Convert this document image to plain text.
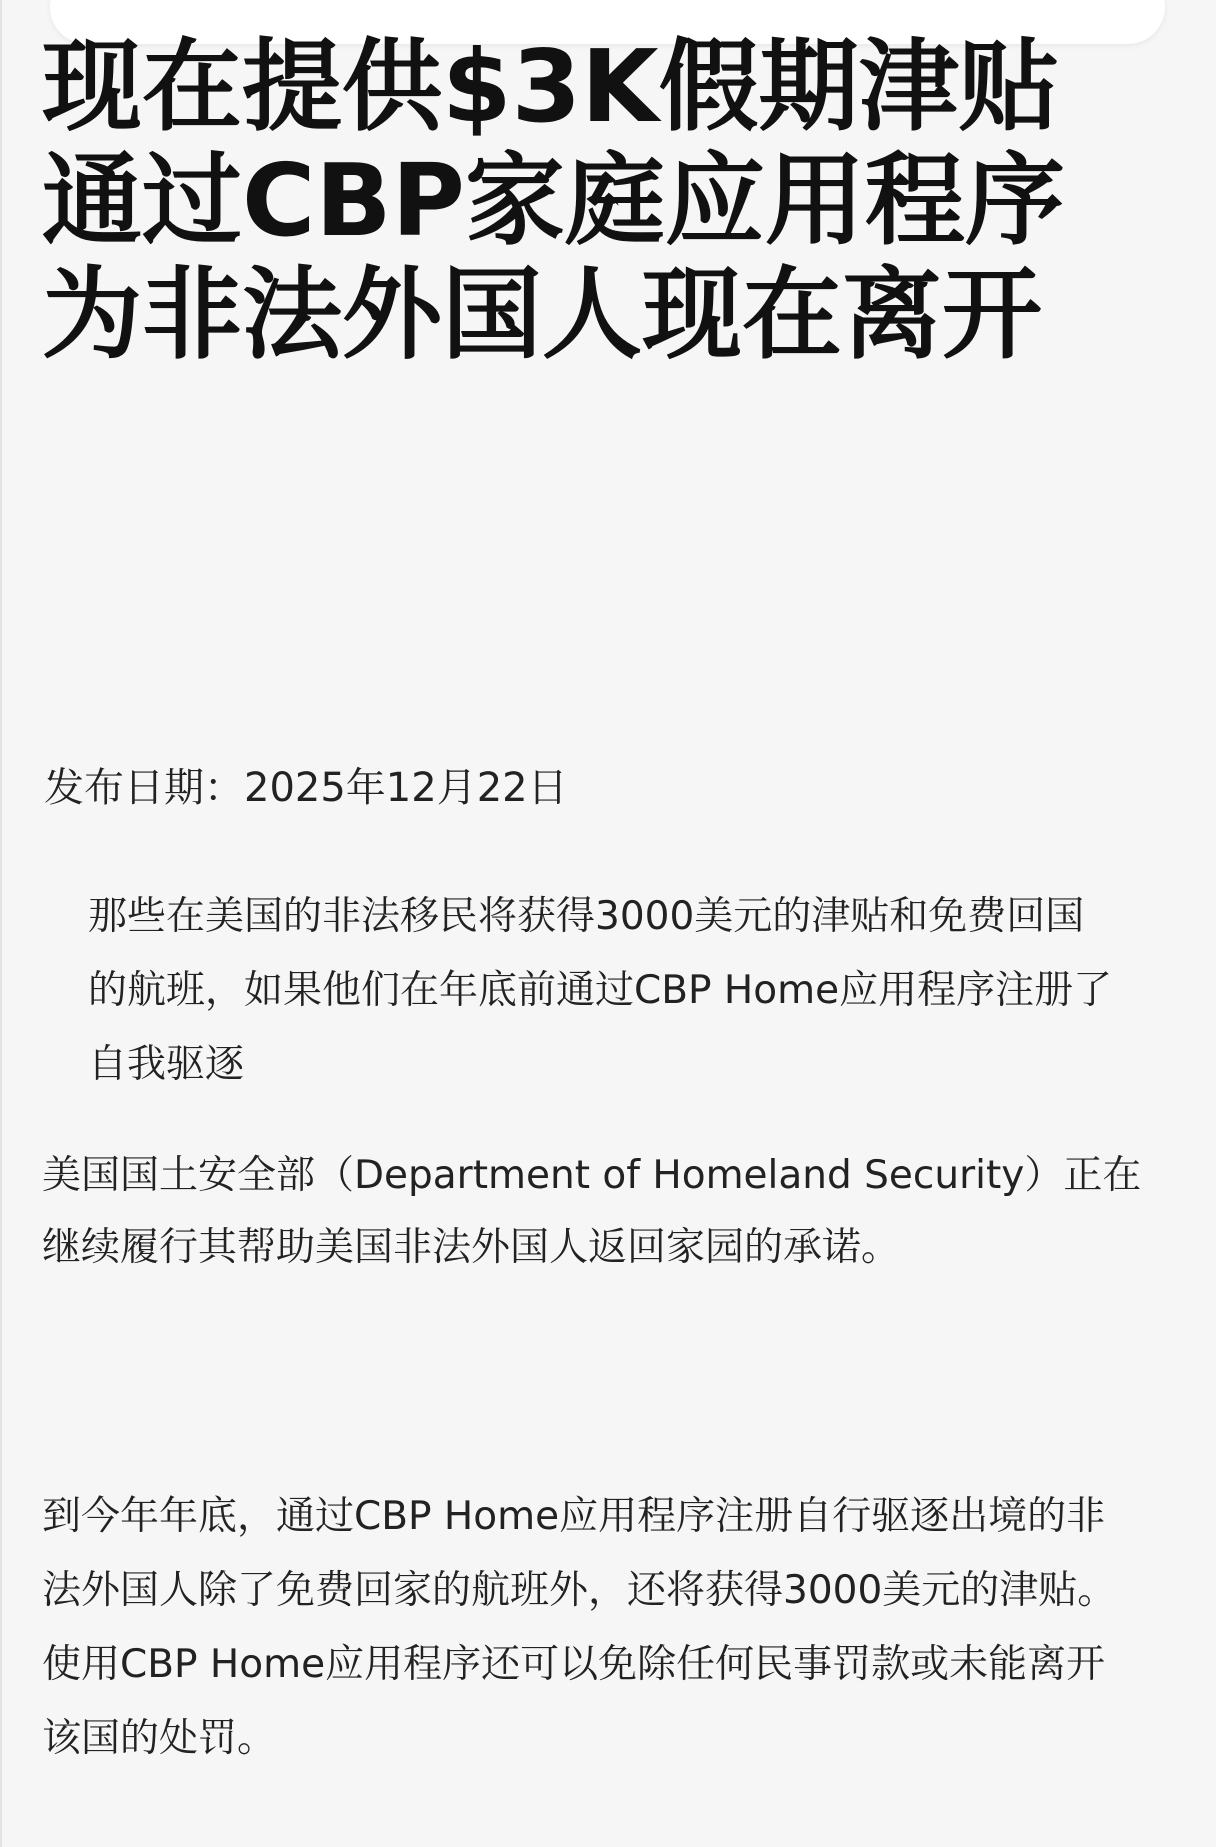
现在提供$3K假期津贴通过CBP家庭应用程序为非法外国人现在离开

发布日期：2025年12月22日

那些在美国的非法移民将获得3000美元的津贴和免费回国的航班，如果他们在年底前通过CBP Home应用程序注册了自我驱逐

美国国土安全部（Department of Homeland Security）正在继续履行其帮助美国非法外国人返回家园的承诺。

到今年年底，通过CBP Home应用程序注册自行驱逐出境的非法外国人除了免费回家的航班外，还将获得3000美元的津贴。使用CBP Home应用程序还可以免除任何民事罚款或未能离开该国的处罚。
